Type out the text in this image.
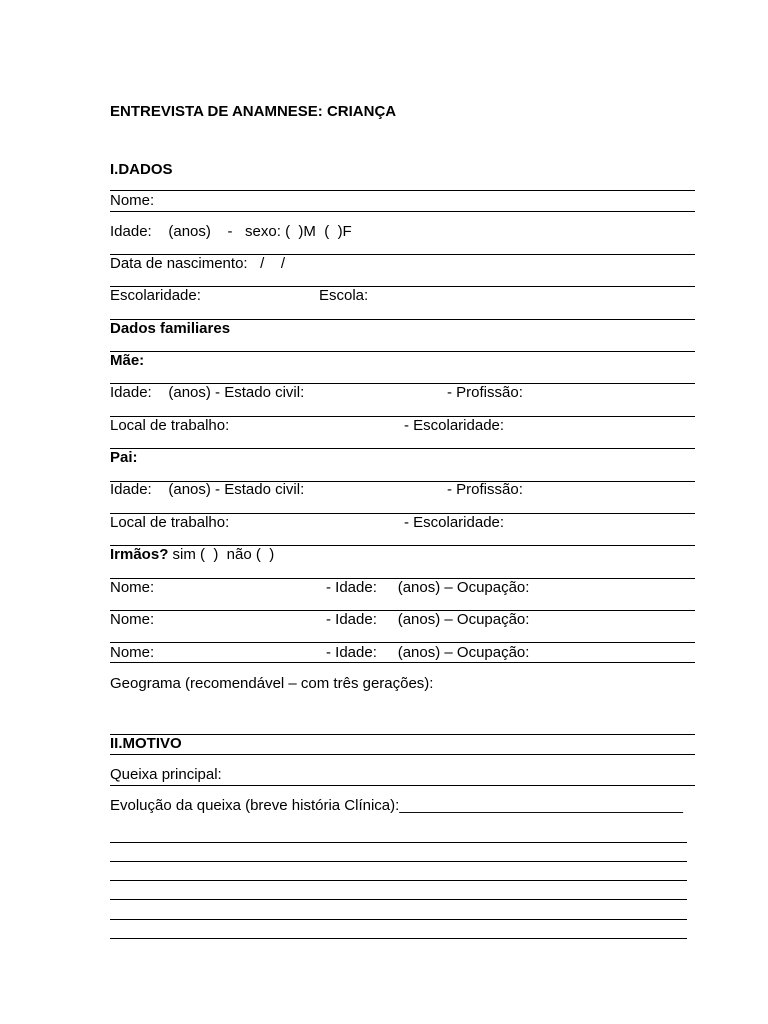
ENTREVISTA DE ANAMNESE: CRIANÇA
I.DADOS
Nome:
Idade:    (anos)    -   sexo: (  )M  (  )F
Data de nascimento:   /    /
Escolaridade:	Escola:
Dados familiares
Mãe:
Idade:    (anos) - Estado civil:	- Profissão:
Local de trabalho:	- Escolaridade:
Pai:
Idade:    (anos) - Estado civil:	- Profissão:
Local de trabalho:	- Escolaridade:
Irmãos? sim (  )  não (  )
Nome:	- Idade:     (anos) – Ocupação:
Nome:	- Idade:     (anos) – Ocupação:
Nome:	- Idade:     (anos) – Ocupação:
Geograma (recomendável – com três gerações):
II.MOTIVO
Queixa principal:
Evolução da queixa (breve história Clínica):__________________________________
